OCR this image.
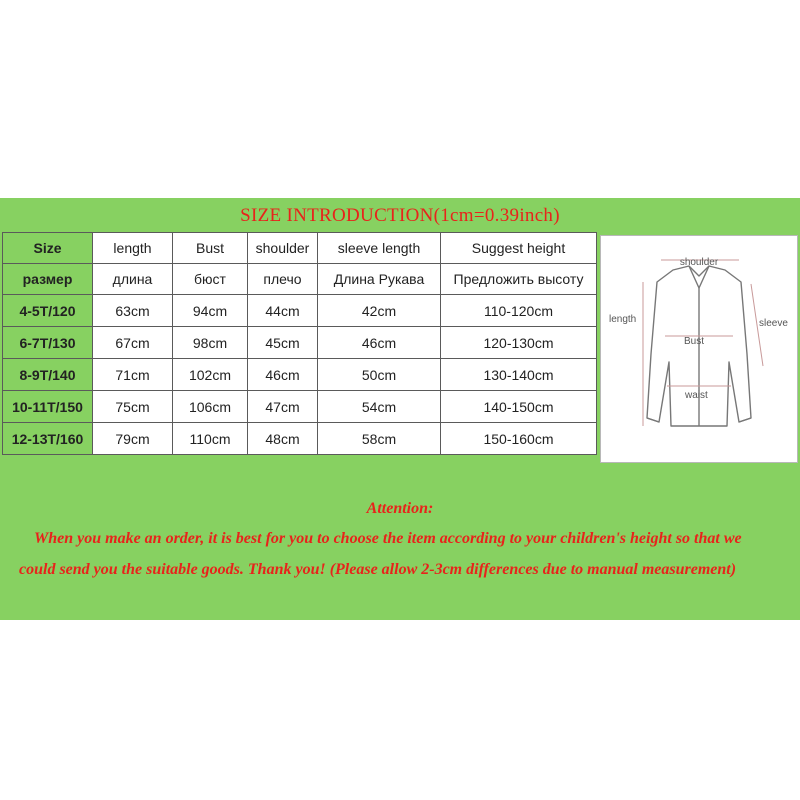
SIZE INTRODUCTION(1cm=0.39inch)
Size	length	Bust	shoulder	sleeve length	Suggest height
размер	длина	бюст	плечо	Длина Рукава	Предложить высоту
4-5T/120	63cm	94cm	44cm	42cm	110-120cm
6-7T/130	67cm	98cm	45cm	46cm	120-130cm
8-9T/140	71cm	102cm	46cm	50cm	130-140cm
10-11T/150	75cm	106cm	47cm	54cm	140-150cm
12-13T/160	79cm	110cm	48cm	58cm	150-160cm
shoulder
length
Bust
sleeve
waist
Attention:
When you make an order, it is best for you to choose the item according to your children's height so that we
could send you the suitable goods. Thank you! (Please allow 2-3cm differences due to manual measurement)
